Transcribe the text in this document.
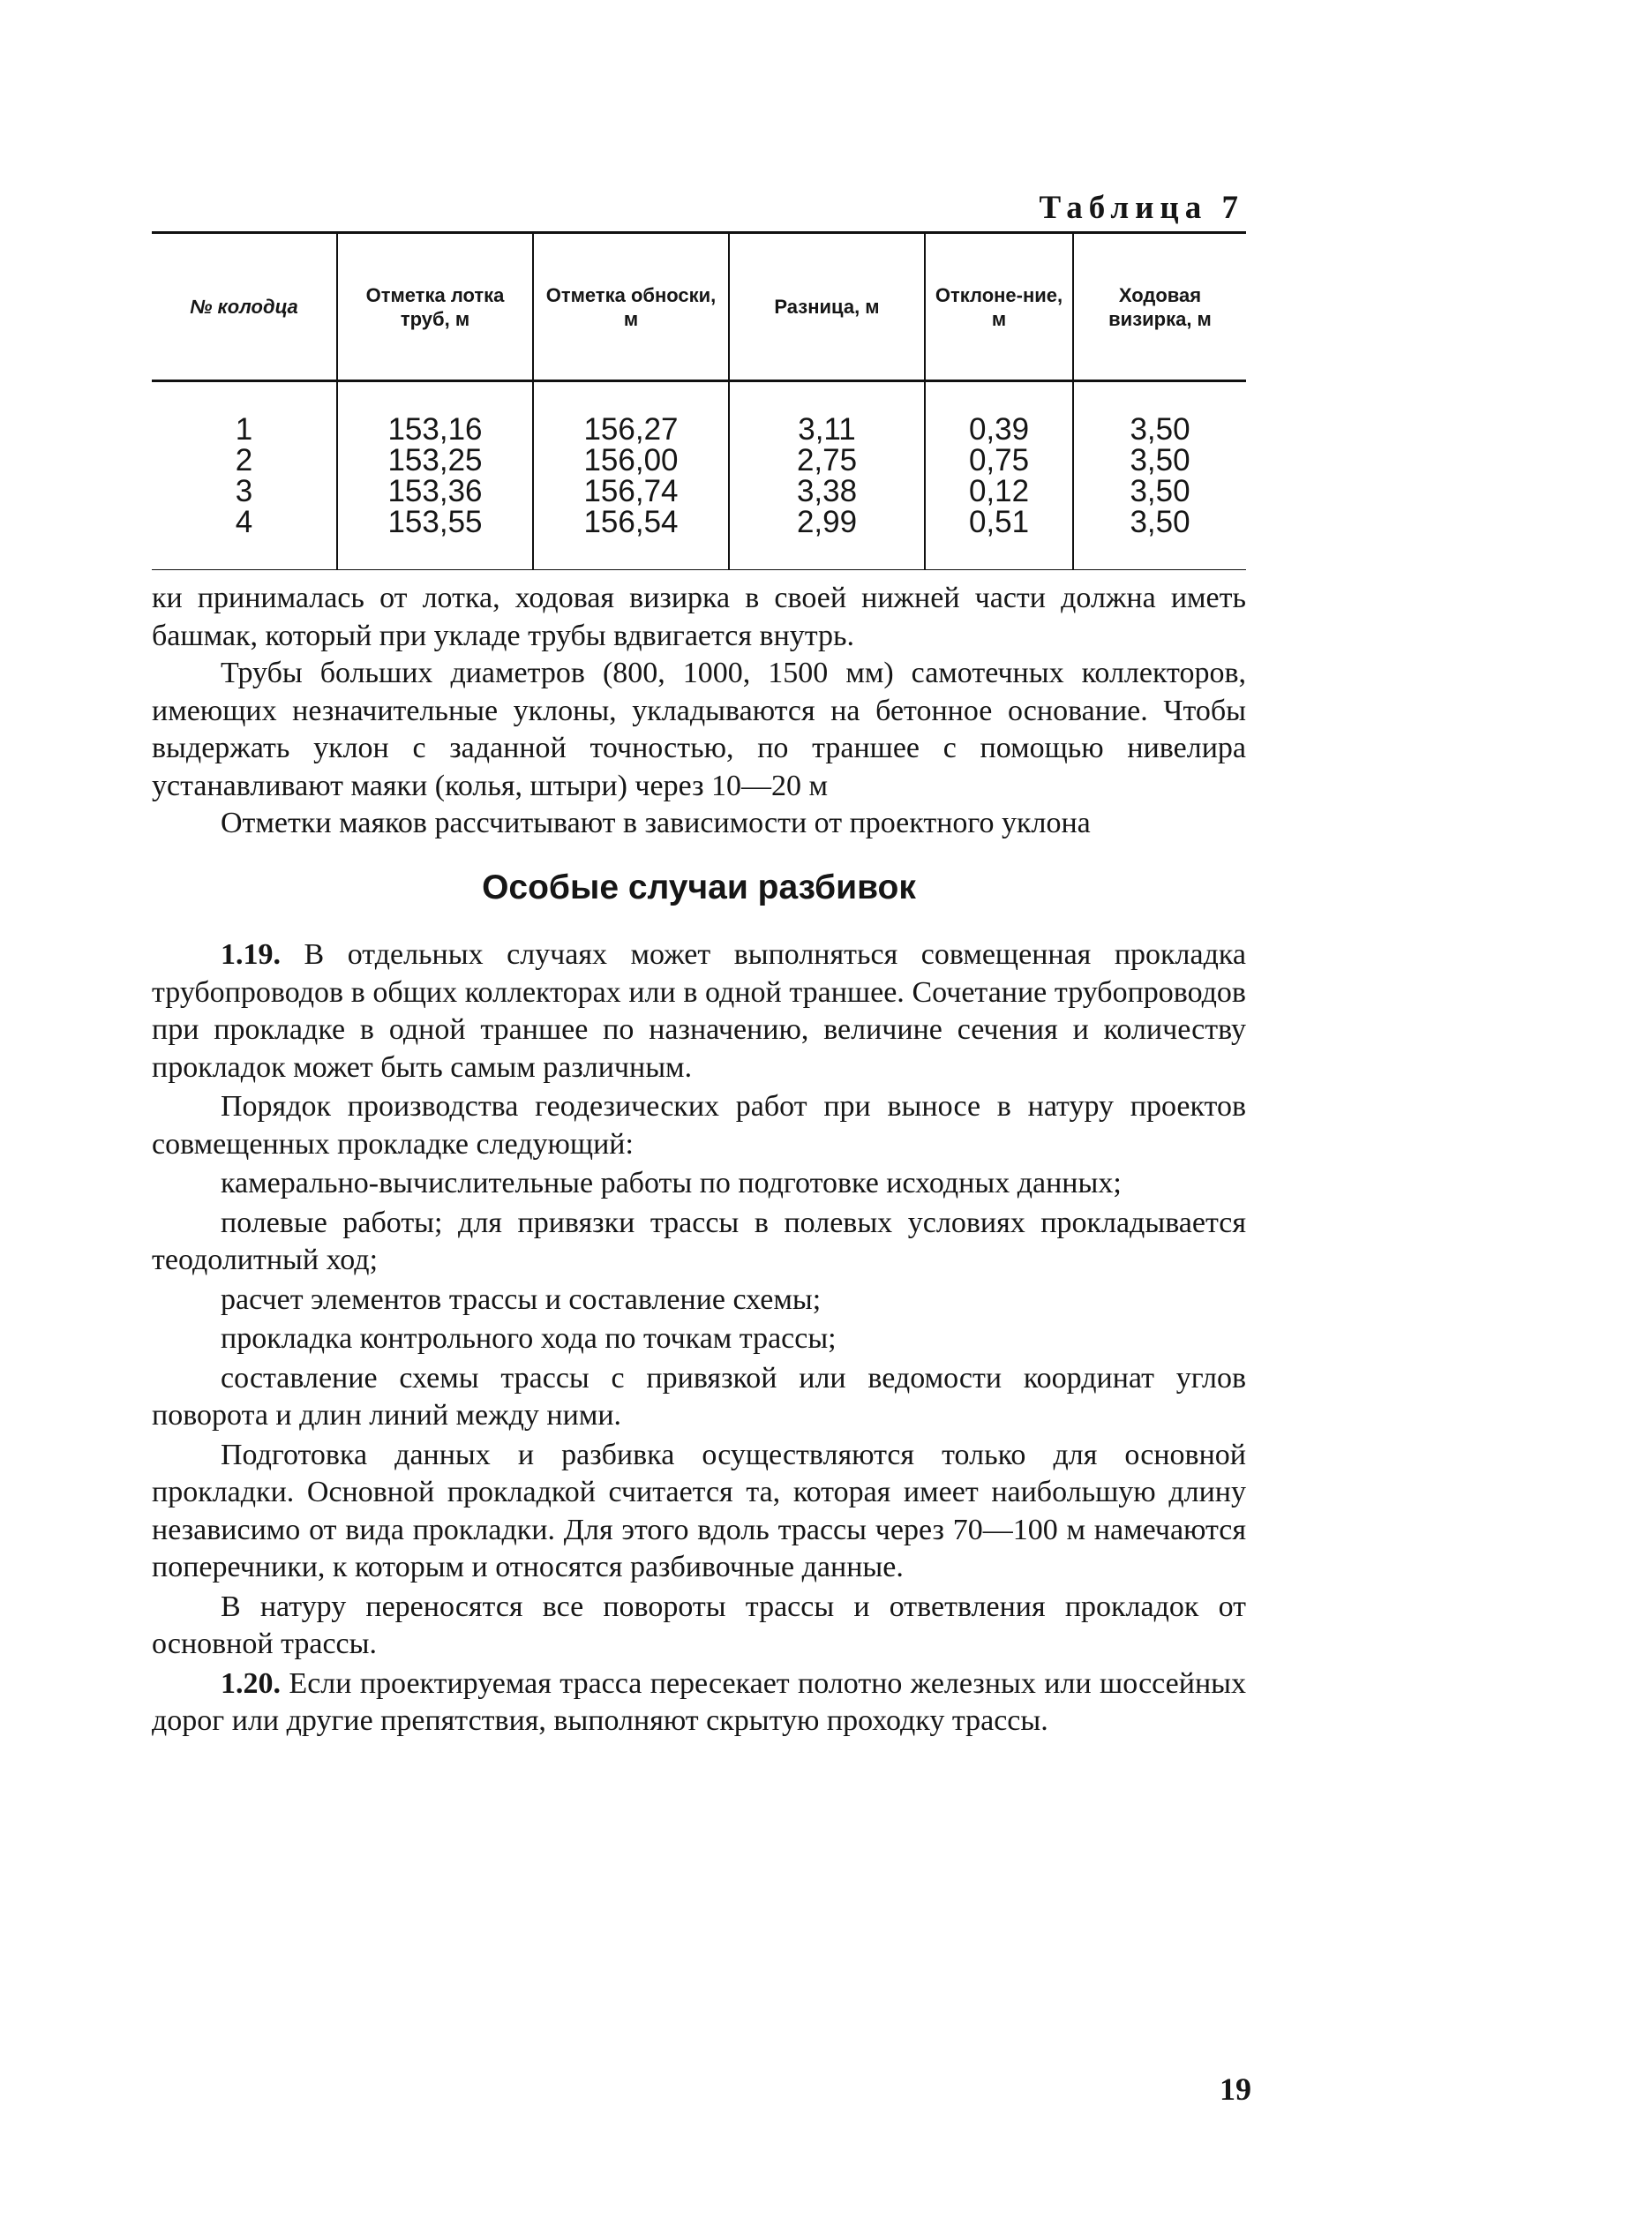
Таблица 7
№ колодца	Отметка лотка труб, м	Отметка обноски, м	Разница, м	Отклоне-ние, м	Ходовая визирка, м
1	153,16	156,27	3,11	0,39	3,50
2	153,25	156,00	2,75	0,75	3,50
3	153,36	156,74	3,38	0,12	3,50
4	153,55	156,54	2,99	0,51	3,50

ки принималась от лотка, ходовая визирка в своей нижней части должна иметь башмак, который при укладе трубы вдвигается внутрь.

Трубы больших диаметров (800, 1000, 1500 мм) самотечных коллекторов, имеющих незначительные уклоны, укладываются на бетонное основание. Чтобы выдержать уклон с заданной точностью, по траншее с помощью нивелира устанавливают маяки (колья, штыри) через 10—20 м

Отметки маяков рассчитывают в зависимости от проектного уклона

Особые случаи разбивок

1.19. В отдельных случаях может выполняться совмещенная прокладка трубопроводов в общих коллекторах или в одной траншее. Сочетание трубопроводов при прокладке в одной траншее по назначению, величине сечения и количеству прокладок может быть самым различным.

Порядок производства геодезических работ при выносе в натуру проектов совмещенных прокладке следующий:

камерально-вычислительные работы по подготовке исходных данных;

полевые работы; для привязки трассы в полевых условиях прокладывается теодолитный ход;

расчет элементов трассы и составление схемы;

прокладка контрольного хода по точкам трассы;

составление схемы трассы с привязкой или ведомости координат углов поворота и длин линий между ними.

Подготовка данных и разбивка осуществляются только для основной прокладки. Основной прокладкой считается та, которая имеет наибольшую длину независимо от вида прокладки. Для этого вдоль трассы через 70—100 м намечаются поперечники, к которым и относятся разбивочные данные.

В натуру переносятся все повороты трассы и ответвления прокладок от основной трассы.

1.20. Если проектируемая трасса пересекает полотно железных или шоссейных дорог или другие препятствия, выполняют скрытую проходку трассы.

19
